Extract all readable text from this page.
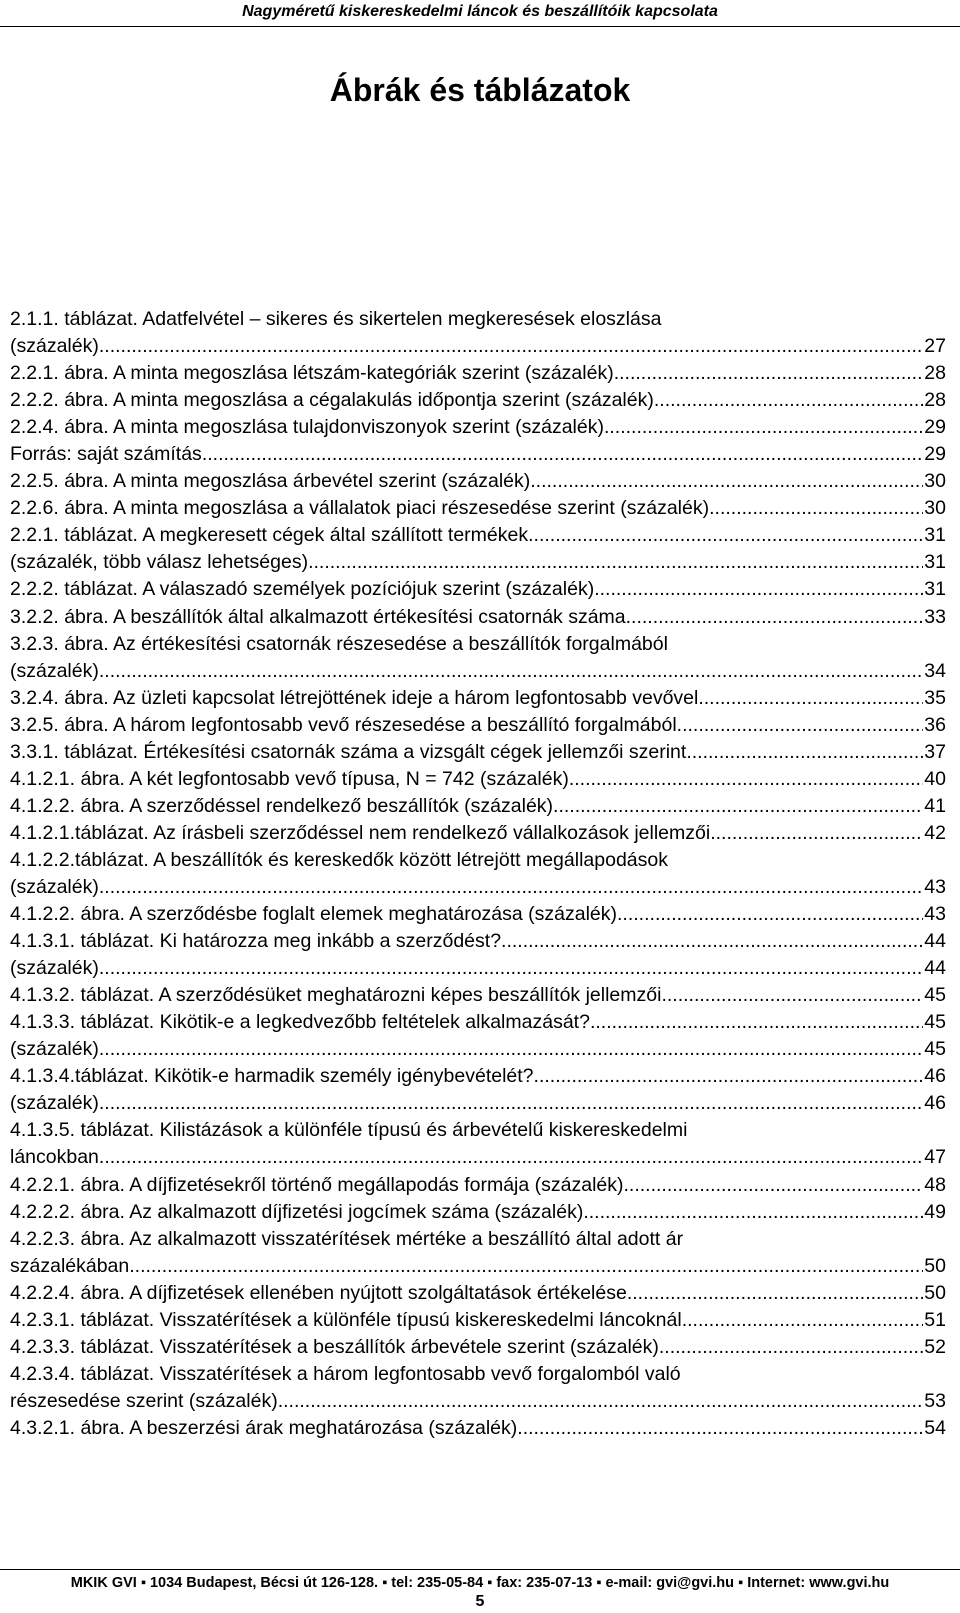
Nagyméretű kiskereskedelmi láncok és beszállítóik kapcsolata
Ábrák és táblázatok
2.1.1. táblázat. Adatfelvétel – sikeres és sikertelen megkeresések eloszlása
(százalék) .....	27
2.2.1. ábra. A minta megoszlása létszám-kategóriák szerint (százalék) .....	28
2.2.2. ábra. A minta megoszlása a cégalakulás időpontja szerint (százalék) .....	28
2.2.4. ábra. A minta megoszlása tulajdonviszonyok szerint (százalék) .....	29
Forrás: saját számítás .....	29
2.2.5. ábra. A minta megoszlása árbevétel szerint (százalék) .....	30
2.2.6. ábra. A minta megoszlása a vállalatok piaci részesedése szerint (százalék) .....	30
2.2.1. táblázat. A megkeresett cégek által szállított termékek .....	31
(százalék, több válasz lehetséges) .....	31
2.2.2. táblázat. A válaszadó személyek pozíciójuk szerint (százalék) .....	31
3.2.2. ábra. A beszállítók által alkalmazott értékesítési csatornák száma .....	33
3.2.3. ábra. Az értékesítési csatornák részesedése a beszállítók forgalmából
(százalék) .....	34
3.2.4. ábra. Az üzleti kapcsolat létrejöttének ideje a három legfontosabb vevővel .....	35
3.2.5. ábra. A három legfontosabb vevő részesedése a beszállító forgalmából .....	36
3.3.1. táblázat. Értékesítési csatornák száma a vizsgált cégek jellemzői szerint .....	37
4.1.2.1. ábra. A két legfontosabb vevő típusa, N = 742 (százalék) .....	40
4.1.2.2. ábra. A szerződéssel rendelkező beszállítók (százalék) .....	41
4.1.2.1.táblázat. Az írásbeli szerződéssel nem rendelkező vállalkozások jellemzői .....	42
4.1.2.2.táblázat. A beszállítók és kereskedők között létrejött megállapodások
(százalék) .....	43
4.1.2.2. ábra. A szerződésbe foglalt elemek meghatározása (százalék) .....	43
4.1.3.1. táblázat. Ki határozza meg inkább a szerződést? .....	44
(százalék) .....	44
4.1.3.2. táblázat. A szerződésüket meghatározni képes beszállítók jellemzői .....	45
4.1.3.3. táblázat. Kikötik-e a legkedvezőbb feltételek alkalmazását? .....	45
(százalék) .....	45
4.1.3.4.táblázat. Kikötik-e harmadik személy igénybevételét? .....	46
(százalék) .....	46
4.1.3.5. táblázat. Kilistázások a különféle típusú és árbevételű kiskereskedelmi
láncokban .....	47
4.2.2.1. ábra. A díjfizetésekről történő megállapodás formája (százalék) .....	48
4.2.2.2. ábra. Az alkalmazott díjfizetési jogcímek száma (százalék) .....	49
4.2.2.3. ábra. Az alkalmazott visszatérítések mértéke a beszállító által adott ár
százalékában .....	50
4.2.2.4. ábra. A díjfizetések ellenében nyújtott szolgáltatások értékelése .....	50
4.2.3.1. táblázat. Visszatérítések a különféle típusú kiskereskedelmi láncoknál .....	51
4.2.3.3. táblázat. Visszatérítések a beszállítók árbevétele szerint (százalék) .....	52
4.2.3.4. táblázat. Visszatérítések a három legfontosabb vevő forgalomból való
részesedése szerint (százalék) .....	53
4.3.2.1. ábra. A beszerzési árak meghatározása (százalék) .....	54
MKIK GVI ▪ 1034 Budapest, Bécsi út 126-128. ▪ tel: 235-05-84 ▪ fax: 235-07-13 ▪ e-mail: gvi@gvi.hu ▪ Internet: www.gvi.hu
5
